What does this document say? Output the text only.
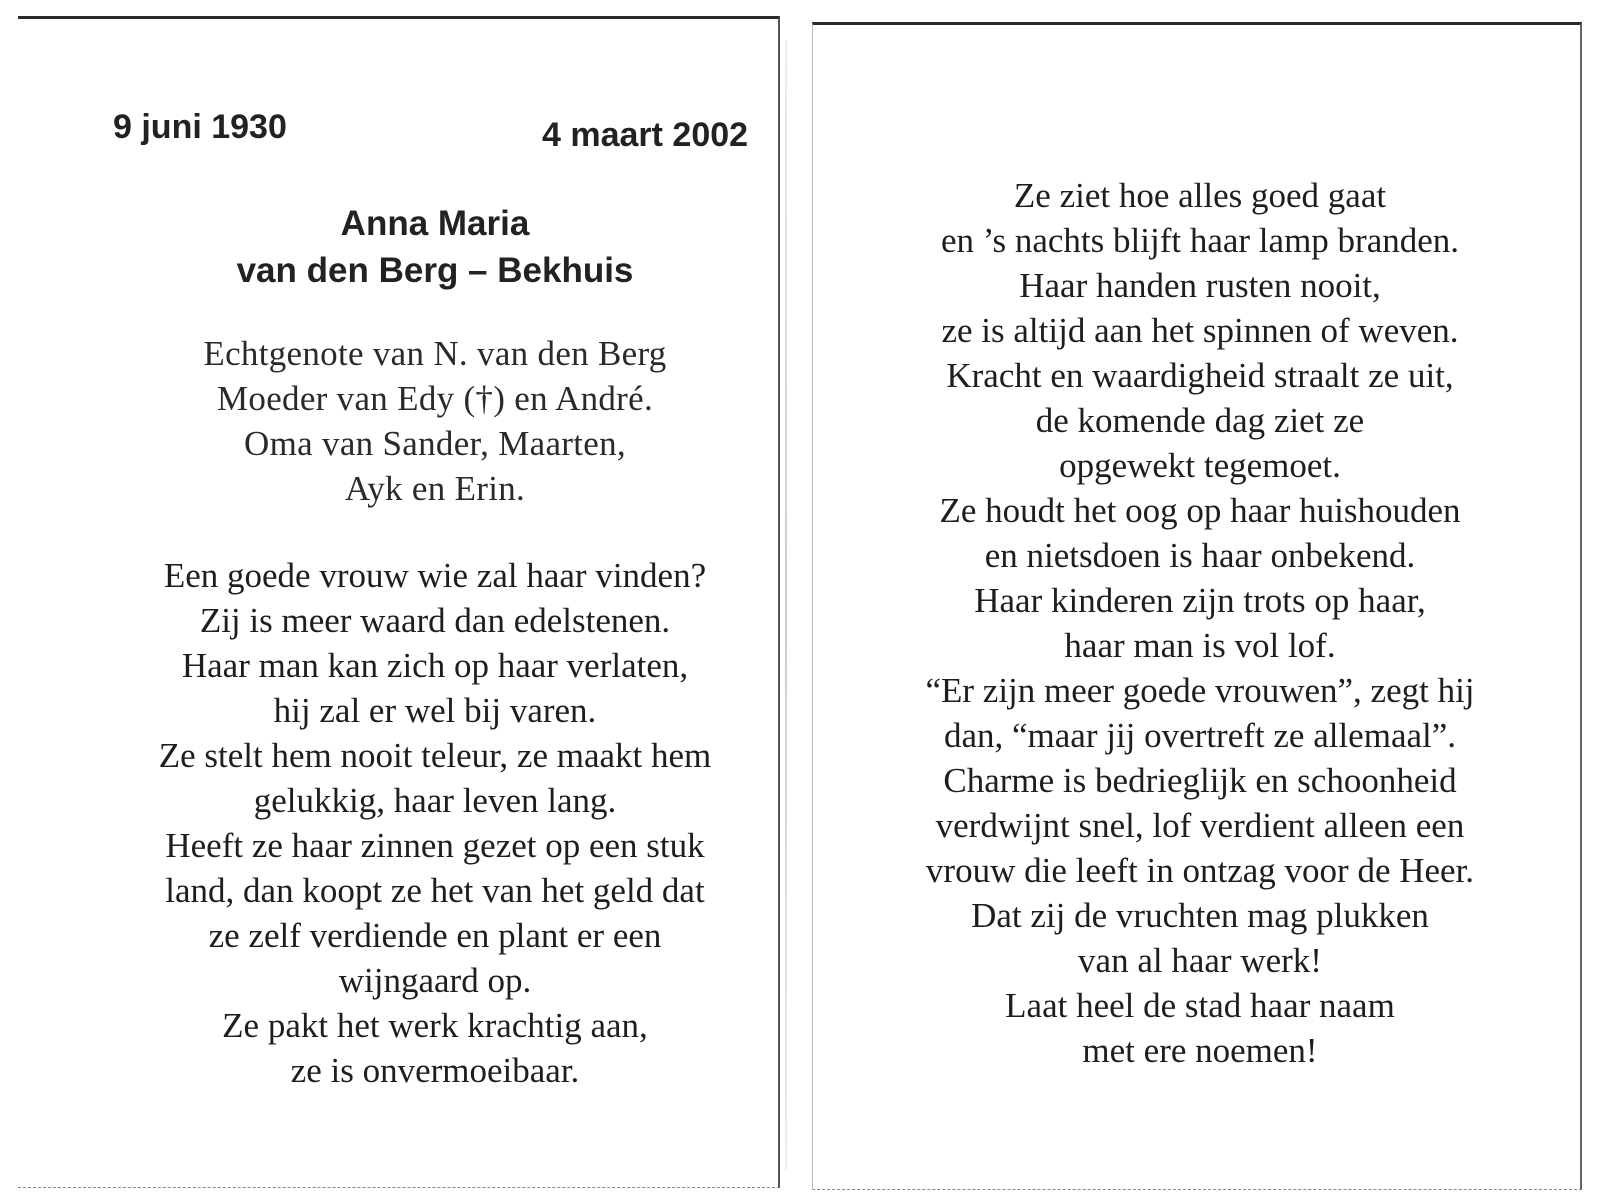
9 juni 1930	4 maart 2002
Anna Maria
van den Berg – Bekhuis
Echtgenote van N. van den Berg
Moeder van Edy (†) en André.
Oma van Sander, Maarten,
Ayk en Erin.
Een goede vrouw wie zal haar vinden?
Zij is meer waard dan edelstenen.
Haar man kan zich op haar verlaten,
hij zal er wel bij varen.
Ze stelt hem nooit teleur, ze maakt hem
gelukkig, haar leven lang.
Heeft ze haar zinnen gezet op een stuk
land, dan koopt ze het van het geld dat
ze zelf verdiende en plant er een
wijngaard op.
Ze pakt het werk krachtig aan,
ze is onvermoeibaar.
Ze ziet hoe alles goed gaat
en ’s nachts blijft haar lamp branden.
Haar handen rusten nooit,
ze is altijd aan het spinnen of weven.
Kracht en waardigheid straalt ze uit,
de komende dag ziet ze
opgewekt tegemoet.
Ze houdt het oog op haar huishouden
en nietsdoen is haar onbekend.
Haar kinderen zijn trots op haar,
haar man is vol lof.
“Er zijn meer goede vrouwen”, zegt hij
dan, “maar jij overtreft ze allemaal”.
Charme is bedrieglijk en schoonheid
verdwijnt snel, lof verdient alleen een
vrouw die leeft in ontzag voor de Heer.
Dat zij de vruchten mag plukken
van al haar werk!
Laat heel de stad haar naam
met ere noemen!
